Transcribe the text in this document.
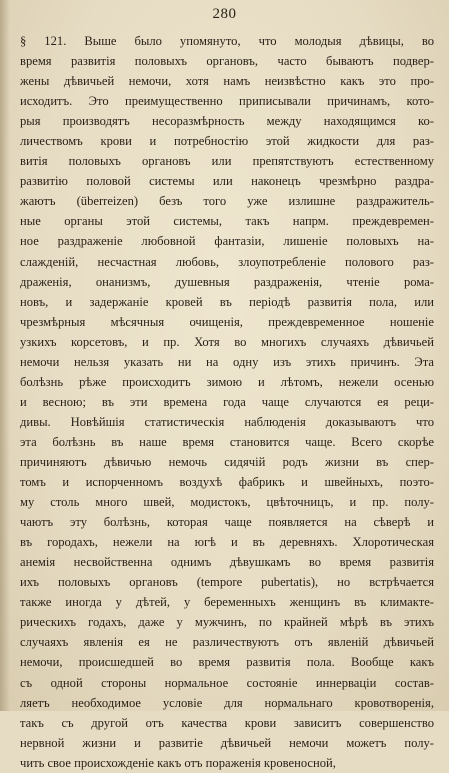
280
§ 121. Выше было упомянуто, что молодыя дѣвицы, во
время развитія половыхъ органовъ, часто бываютъ подвер-
жены дѣвичьей немочи, хотя намъ неизвѣстно какъ это про-
исходитъ. Это преимущественно приписывали причинамъ, кото-
рыя производятъ несоразмѣрность между находящимся ко-
личествомъ крови и потребностію этой жидкости для раз-
витія половыхъ органовъ или препятствуютъ естественному
развитію половой системы или наконецъ чрезмѣрно раздра-
жаютъ (überreizen) безъ того уже излишне раздражитель-
ные органы этой системы, такъ напрм. преждевремен-
ное раздраженіе любовной фантазіи, лишеніе половыхъ на-
слажденій, несчастная любовь, злоупотребленіе полового раз-
драженія, онанизмъ, душевныя раздраженія, чтеніе рома-
новъ, и задержаніе кровей въ періодѣ развитія пола, или
чрезмѣрныя мѣсячныя очищенія, преждевременное ношеніе
узкихъ корсетовъ, и пр. Хотя во многихъ случаяхъ дѣвичьей
немочи нельзя указать ни на одну изъ этихъ причинъ. Эта
болѣзнь рѣже происходитъ зимою и лѣтомъ, нежели осенью
и весною; въ эти времена года чаще случаются ея реци-
дивы. Новѣйшія статистическія наблюденія доказываютъ что
эта болѣзнь въ наше время становится чаще. Всего скорѣе
причиняютъ дѣвичью немочь сидячій родъ жизни въ спер-
томъ и испорченномъ воздухѣ фабрикъ и швейныхъ, поэто-
му столь много швей, модистокъ, цвѣточницъ, и пр. полу-
чаютъ эту болѣзнь, которая чаще появляется на сѣверѣ и
въ городахъ, нежели на югѣ и въ деревняхъ. Хлоротическая
анемія несвойственна однимъ дѣвушкамъ во время развитія
ихъ половыхъ органовъ (tempore pubertatis), но встрѣчается
также иногда у дѣтей, у беременныхъ женщинъ въ климакте-
рическихъ годахъ, даже у мужчинъ, по крайней мѣрѣ въ этихъ
случаяхъ явленія ея не различествуютъ отъ явленій дѣвичьей
немочи, происшедшей во время развитія пола. Вообще какъ
съ одной стороны нормальное состояніе иннерваціи состав-
ляетъ необходимое условіе для нормальнаго кровотворенія,
такъ съ другой отъ качества крови зависитъ совершенство
нервной жизни и развитіе дѣвичьей немочи можетъ полу-
чить свое происхожденіе какъ отъ пораженія кровеносной,
